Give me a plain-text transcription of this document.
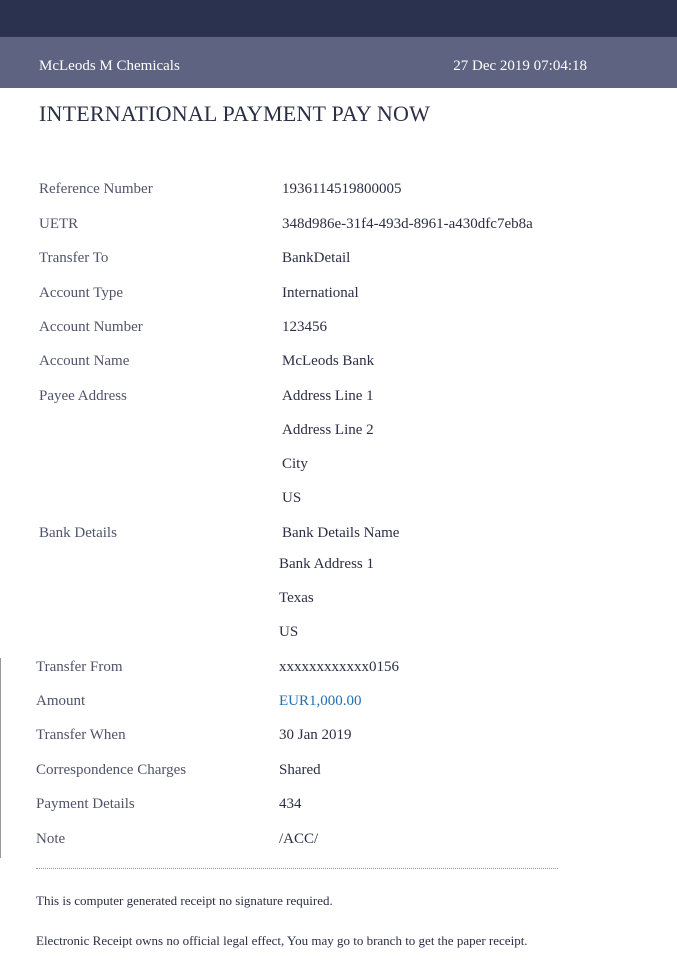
McLeods M Chemicals	27 Dec 2019 07:04:18
INTERNATIONAL PAYMENT PAY NOW
Reference Number	1936114519800005
UETR	348d986e-31f4-493d-8961-a430dfc7eb8a
Transfer To	BankDetail
Account Type	International
Account Number	123456
Account Name	McLeods Bank
Payee Address	Address Line 1
Address Line 2
City
US
Bank Details	Bank Details Name
Bank Address 1
Texas
US
Transfer From	xxxxxxxxxxxx0156
Amount	EUR1,000.00
Transfer When	30 Jan 2019
Correspondence Charges	Shared
Payment Details	434
Note	/ACC/
This is computer generated receipt no signature required.
Electronic Receipt owns no official legal effect, You may go to branch to get the paper receipt.
